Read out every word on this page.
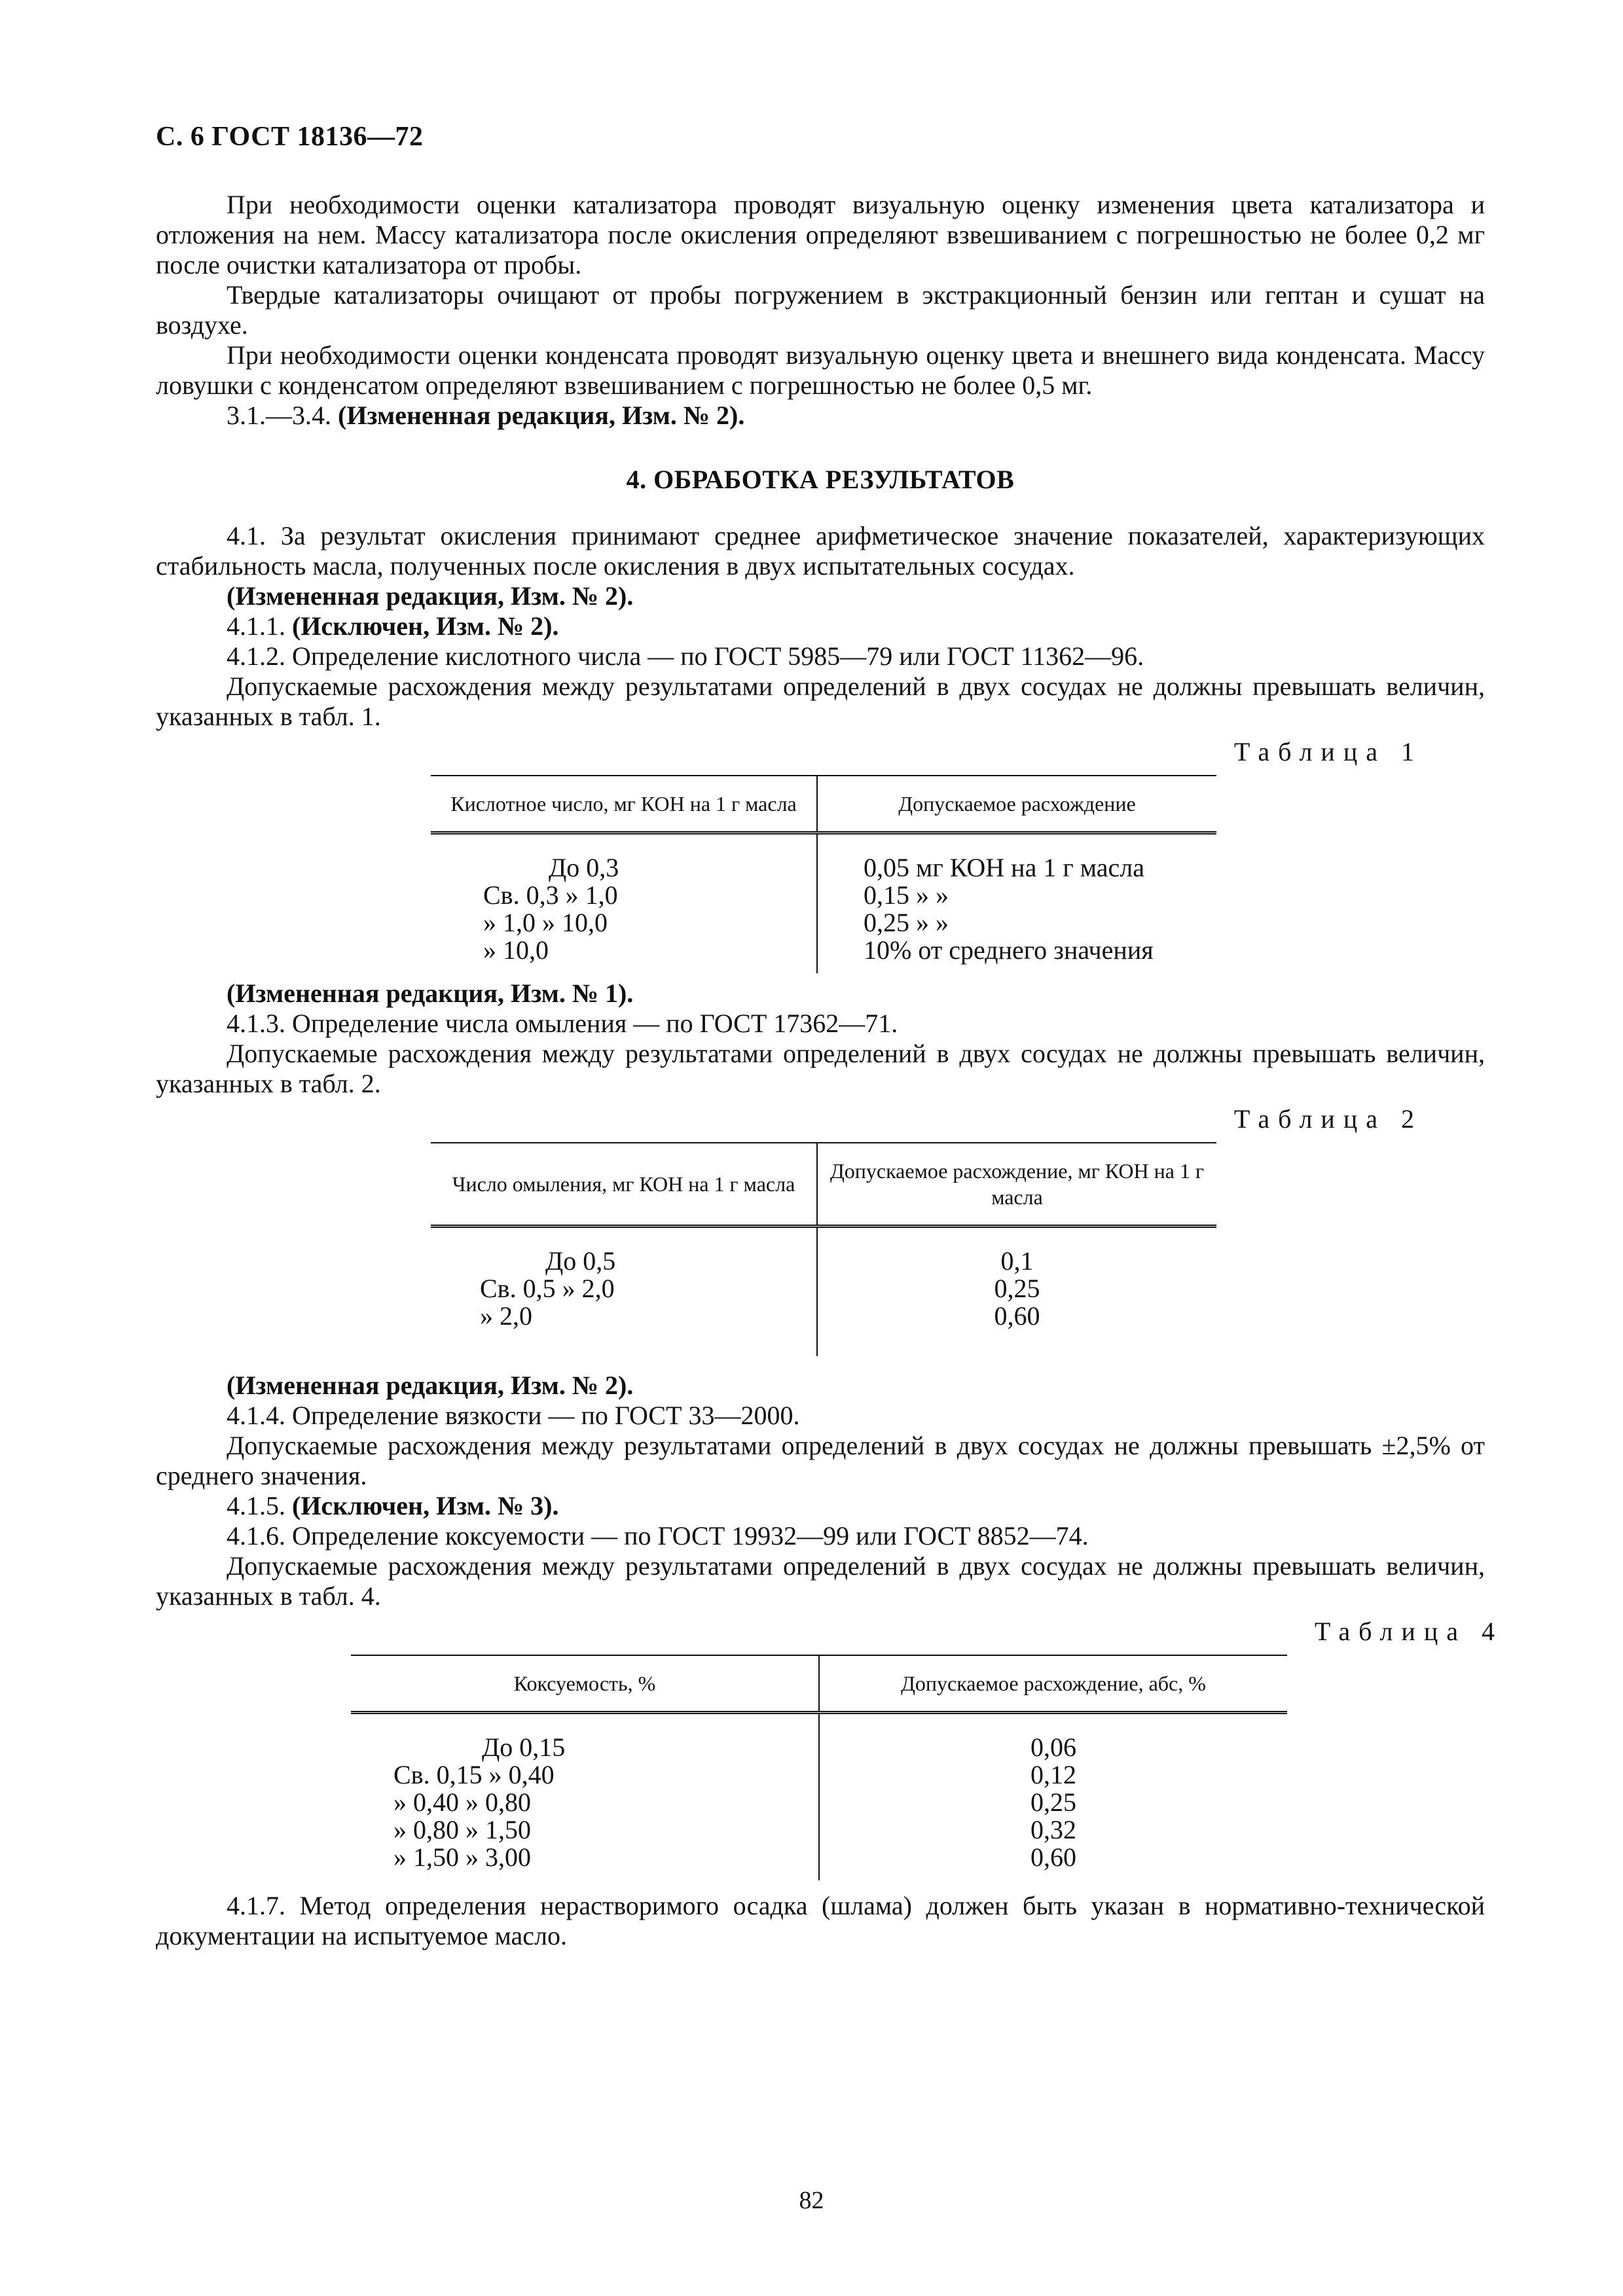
С. 6 ГОСТ 18136—72

При необходимости оценки катализатора проводят визуальную оценку изменения цвета катализатора и отложения на нем. Массу катализатора после окисления определяют взвешиванием с погрешностью не более 0,2 мг после очистки катализатора от пробы.

Твердые катализаторы очищают от пробы погружением в экстракционный бензин или гептан и сушат на воздухе.

При необходимости оценки конденсата проводят визуальную оценку цвета и внешнего вида конденсата. Массу ловушки с конденсатом определяют взвешиванием с погрешностью не более 0,5 мг.

3.1.—3.4. (Измененная редакция, Изм. № 2).

4. ОБРАБОТКА РЕЗУЛЬТАТОВ

4.1. За результат окисления принимают среднее арифметическое значение показателей, характеризующих стабильность масла, полученных после окисления в двух испытательных сосудах.

(Измененная редакция, Изм. № 2).

4.1.1. (Исключен, Изм. № 2).

4.1.2. Определение кислотного числа — по ГОСТ 5985—79 или ГОСТ 11362—96.

Допускаемые расхождения между результатами определений в двух сосудах не должны превышать величин, указанных в табл. 1.

Таблица 1
Кислотное число, мг КОН на 1 г масла	Допускаемое расхождение
До 0,3	0,05 мг КОН на 1 г масла
Св. 0,3 » 1,0	0,15 » »
» 1,0 » 10,0	0,25 » »
» 10,0	10% от среднего значения

(Измененная редакция, Изм. № 1).

4.1.3. Определение числа омыления — по ГОСТ 17362—71.

Допускаемые расхождения между результатами определений в двух сосудах не должны превышать величин, указанных в табл. 2.

Таблица 2
Число омыления, мг КОН на 1 г масла	Допускаемое расхождение, мг КОН на 1 г масла
До 0,5	0,1
Св. 0,5 » 2,0	0,25
» 2,0	0,60

(Измененная редакция, Изм. № 2).

4.1.4. Определение вязкости — по ГОСТ 33—2000.

Допускаемые расхождения между результатами определений в двух сосудах не должны превышать ±2,5% от среднего значения.

4.1.5. (Исключен, Изм. № 3).

4.1.6. Определение коксуемости — по ГОСТ 19932—99 или ГОСТ 8852—74.

Допускаемые расхождения между результатами определений в двух сосудах не должны превышать величин, указанных в табл. 4.

Таблица 4
Коксуемость, %	Допускаемое расхождение, абс, %
До 0,15	0,06
Св. 0,15 » 0,40	0,12
» 0,40 » 0,80	0,25
» 0,80 » 1,50	0,32
» 1,50 » 3,00	0,60

4.1.7. Метод определения нерастворимого осадка (шлама) должен быть указан в нормативно-технической документации на испытуемое масло.

82
